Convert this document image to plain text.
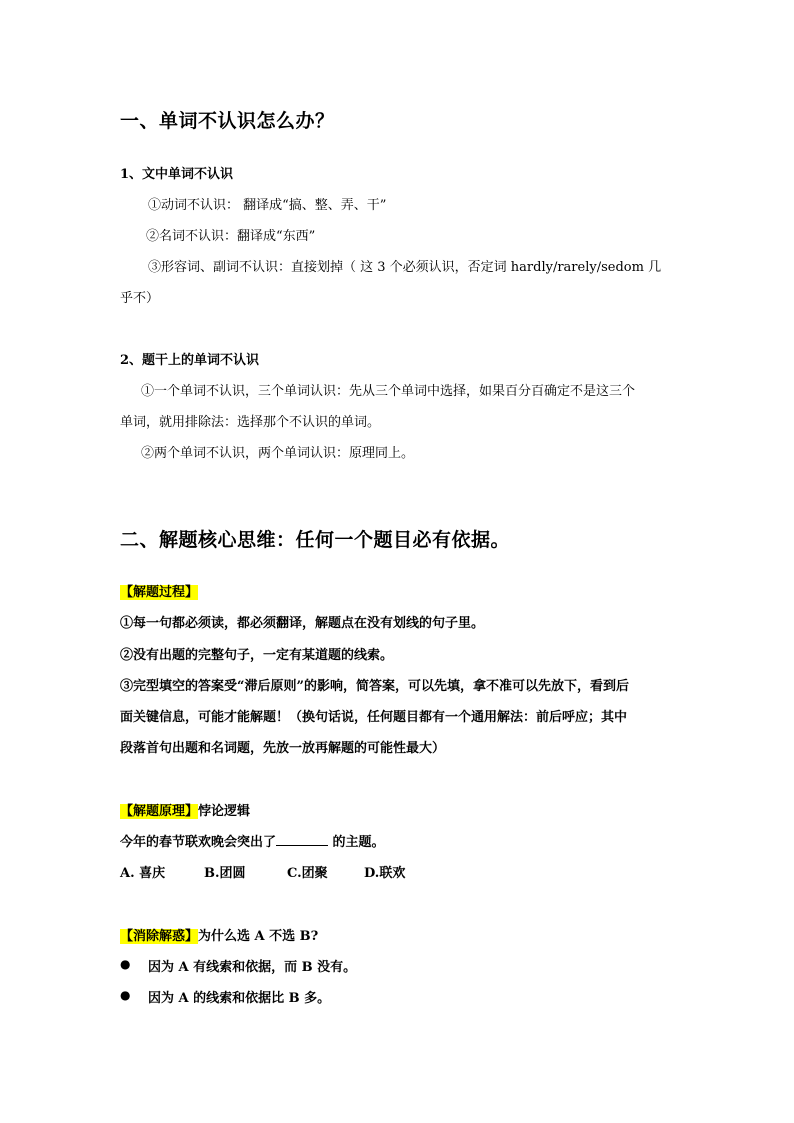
一、单词不认识怎么办？
1、文中单词不认识
①动词不认识： 翻译成“搞、整、弄、干”
②名词不认识：翻译成“东西”
③形容词、副词不认识：直接划掉（ 这 3 个必须认识，否定词 hardly/rarely/sedom 几
乎不）
2、题干上的单词不认识
①一个单词不认识，三个单词认识：先从三个单词中选择，如果百分百确定不是这三个
单词，就用排除法：选择那个不认识的单词。
②两个单词不认识，两个单词认识：原理同上。
二、解题核心思维：任何一个题目必有依据。
【解题过程】
①每一句都必须读，都必须翻译，解题点在没有划线的句子里。
②没有出题的完整句子，一定有某道题的线索。
③完型填空的答案受“滞后原则”的影响，简答案，可以先填，拿不准可以先放下，看到后
面关键信息，可能才能解题！（换句话说，任何题目都有一个通用解法：前后呼应；其中
段落首句出题和名词题，先放一放再解题的可能性最大）
【解题原理】悖论逻辑
今年的春节联欢晚会突出了	的主题。
A. 喜庆	B.团圆	C.团聚	D.联欢
【消除解惑】为什么选 A 不选 B?
● 因为 A 有线索和依据，而 B 没有。
● 因为 A 的线索和依据比 B 多。
